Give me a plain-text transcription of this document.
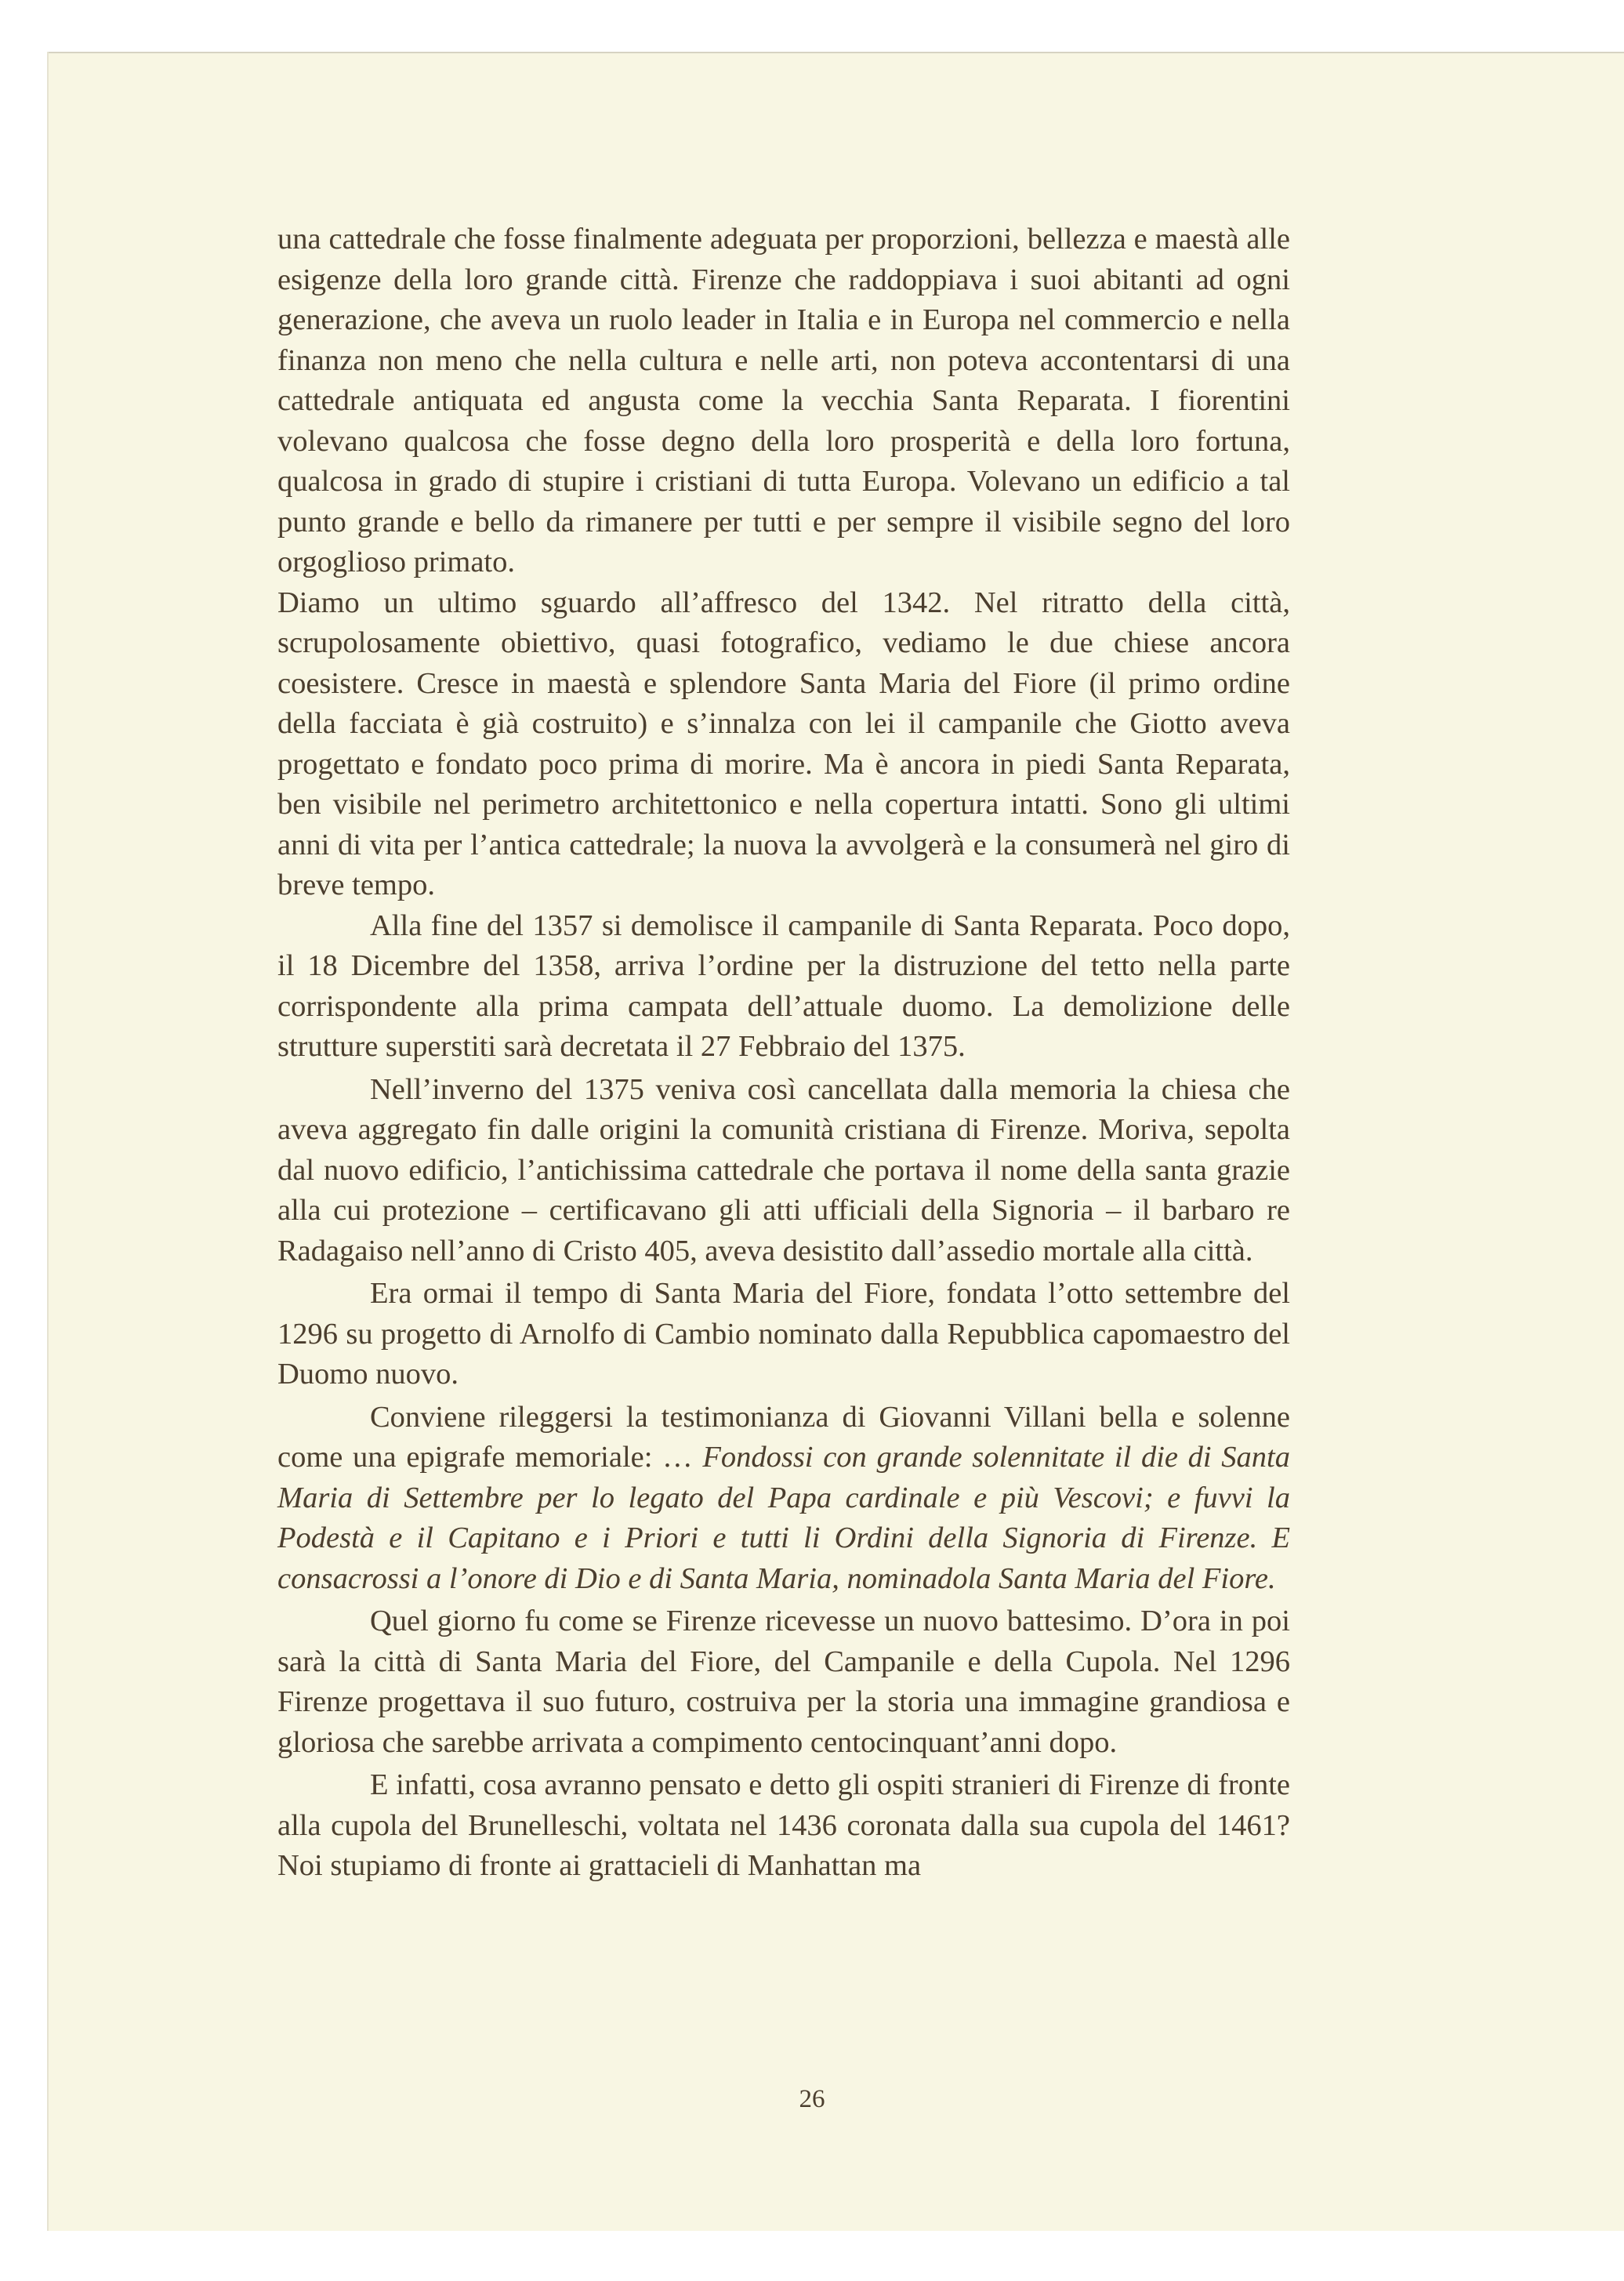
una cattedrale che fosse finalmente adeguata per proporzioni, bellezza e maestà alle esigenze della loro grande città. Firenze che raddoppiava i suoi abitanti ad ogni generazione, che aveva un ruolo leader in Italia e in Europa nel commercio e nella finanza non meno che nella cultura e nelle arti, non poteva accontentarsi di una cattedrale antiquata ed angusta come la vecchia Santa Reparata. I fiorentini volevano qualcosa che fosse degno della loro prosperità e della loro fortuna, qualcosa in grado di stupire i cristiani di tutta Europa. Volevano un edificio a tal punto grande e bello da rimanere per tutti e per sempre il visibile segno del loro orgoglioso primato.

Diamo un ultimo sguardo all’affresco del 1342. Nel ritratto della città, scrupolosamente obiettivo, quasi fotografico, vediamo le due chiese ancora coesistere. Cresce in maestà e splendore Santa Maria del Fiore (il primo ordine della facciata è già costruito) e s’innalza con lei il campanile che Giotto aveva progettato e fondato poco prima di morire. Ma è ancora in piedi Santa Reparata, ben visibile nel perimetro architettonico e nella copertura intatti. Sono gli ultimi anni di vita per l’antica cattedrale; la nuova la avvolgerà e la consumerà nel giro di breve tempo.

Alla fine del 1357 si demolisce il campanile di Santa Reparata. Poco dopo, il 18 Dicembre del 1358, arriva l’ordine per la distruzione del tetto nella parte corrispondente alla prima campata dell’attuale duomo. La demolizione delle strutture superstiti sarà decretata il 27 Febbraio del 1375.

Nell’inverno del 1375 veniva così cancellata dalla memoria la chiesa che aveva aggregato fin dalle origini la comunità cristiana di Firenze. Moriva, sepolta dal nuovo edificio, l’antichissima cattedrale che portava il nome della santa grazie alla cui protezione – certificavano gli atti ufficiali della Signoria – il barbaro re Radagaiso nell’anno di Cristo 405, aveva desistito dall’assedio mortale alla città.

Era ormai il tempo di Santa Maria del Fiore, fondata l’otto settembre del 1296 su progetto di Arnolfo di Cambio nominato dalla Repubblica capomaestro del Duomo nuovo.

Conviene rileggersi la testimonianza di Giovanni Villani bella e solenne come una epigrafe memoriale: … Fondossi con grande solennitate il die di Santa Maria di Settembre per lo legato del Papa cardinale e più Vescovi; e fuvvi la Podestà e il Capitano e i Priori e tutti li Ordini della Signoria di Firenze. E consacrossi a l’onore di Dio e di Santa Maria, nominadola Santa Maria del Fiore.

Quel giorno fu come se Firenze ricevesse un nuovo battesimo. D’ora in poi sarà la città di Santa Maria del Fiore, del Campanile e della Cupola. Nel 1296 Firenze progettava il suo futuro, costruiva per la storia una immagine grandiosa e gloriosa che sarebbe arrivata a compimento centocinquant’anni dopo.

E infatti, cosa avranno pensato e detto gli ospiti stranieri di Firenze di fronte alla cupola del Brunelleschi, voltata nel 1436 coronata dalla sua cupola del 1461? Noi stupiamo di fronte ai grattacieli di Manhattan ma

26
